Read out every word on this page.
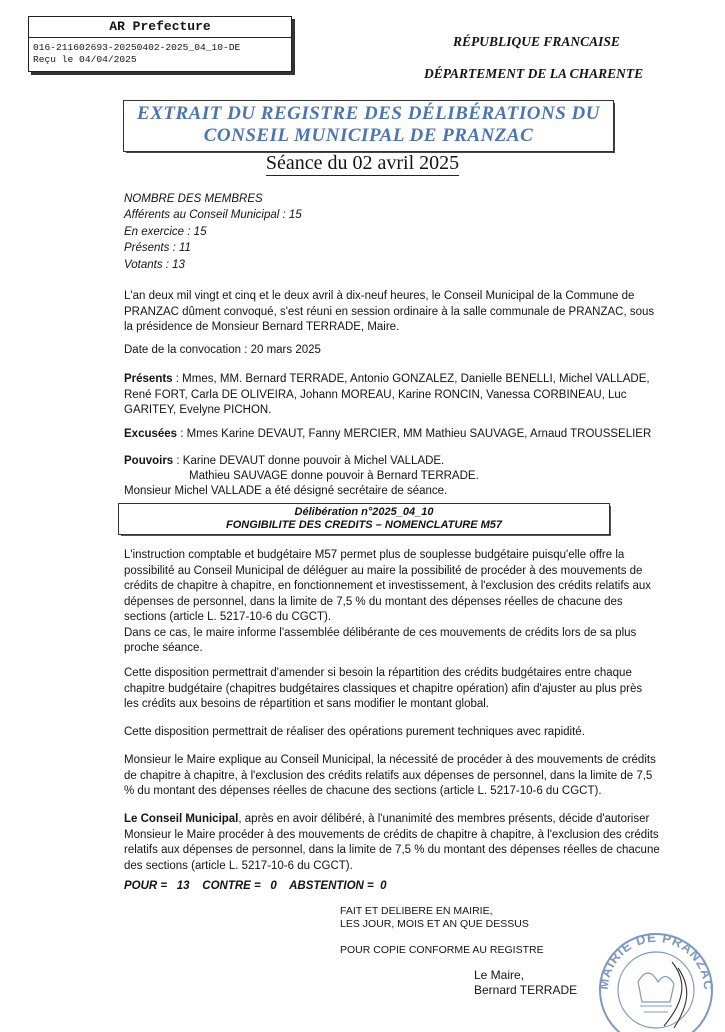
AR Prefecture
016-211602693-20250402-2025_04_10-DE
Reçu le 04/04/2025
RÉPUBLIQUE FRANCAISE
DÉPARTEMENT DE LA CHARENTE
EXTRAIT DU REGISTRE DES DÉLIBÉRATIONS DU
CONSEIL MUNICIPAL DE PRANZAC
Séance du 02 avril 2025
NOMBRE DES MEMBRES
Afférents au Conseil Municipal : 15
En exercice : 15
Présents : 11
Votants : 13
L'an deux mil vingt et cinq et le deux avril à dix-neuf heures, le Conseil Municipal de la Commune de
PRANZAC dûment convoqué, s'est réuni en session ordinaire à la salle communale de PRANZAC, sous
la présidence de Monsieur Bernard TERRADE, Maire.
Date de la convocation : 20 mars 2025
Présents : Mmes, MM. Bernard TERRADE, Antonio GONZALEZ, Danielle BENELLI, Michel VALLADE,
René FORT, Carla DE OLIVEIRA, Johann MOREAU, Karine RONCIN, Vanessa CORBINEAU, Luc
GARITEY, Evelyne PICHON.
Excusées : Mmes Karine DEVAUT, Fanny MERCIER, MM Mathieu SAUVAGE, Arnaud TROUSSELIER
Pouvoirs : Karine DEVAUT donne pouvoir à Michel VALLADE.
Mathieu SAUVAGE donne pouvoir à Bernard TERRADE.
Monsieur Michel VALLADE a été désigné secrétaire de séance.
Délibération n°2025_04_10
FONGIBILITE DES CREDITS – NOMENCLATURE M57
L'instruction comptable et budgétaire M57 permet plus de souplesse budgétaire puisqu'elle offre la
possibilité au Conseil Municipal de déléguer au maire la possibilité de procéder à des mouvements de
crédits de chapitre à chapitre, en fonctionnement et investissement, à l'exclusion des crédits relatifs aux
dépenses de personnel, dans la limite de 7,5 % du montant des dépenses réelles de chacune des
sections (article L. 5217-10-6 du CGCT).
Dans ce cas, le maire informe l'assemblée délibérante de ces mouvements de crédits lors de sa plus
proche séance.
Cette disposition permettrait d'amender si besoin la répartition des crédits budgétaires entre chaque
chapitre budgétaire (chapitres budgétaires classiques et chapitre opération) afin d'ajuster au plus près
les crédits aux besoins de répartition et sans modifier le montant global.
Cette disposition permettrait de réaliser des opérations purement techniques avec rapidité.
Monsieur le Maire explique au Conseil Municipal, la nécessité de procéder à des mouvements de crédits
de chapitre à chapitre, à l'exclusion des crédits relatifs aux dépenses de personnel, dans la limite de 7,5
% du montant des dépenses réelles de chacune des sections (article L. 5217-10-6 du CGCT).
Le Conseil Municipal, après en avoir délibéré, à l'unanimité des membres présents, décide d'autoriser
Monsieur le Maire procéder à des mouvements de crédits de chapitre à chapitre, à l'exclusion des crédits
relatifs aux dépenses de personnel, dans la limite de 7,5 % du montant des dépenses réelles de chacune
des sections (article L. 5217-10-6 du CGCT).
POUR =   13    CONTRE =   0    ABSTENTION =  0
FAIT ET DELIBERE EN MAIRIE,
LES JOUR, MOIS ET AN QUE DESSUS
POUR COPIE CONFORME AU REGISTRE
Le Maire,
Bernard TERRADE MAIRIE DE PRANZAC
